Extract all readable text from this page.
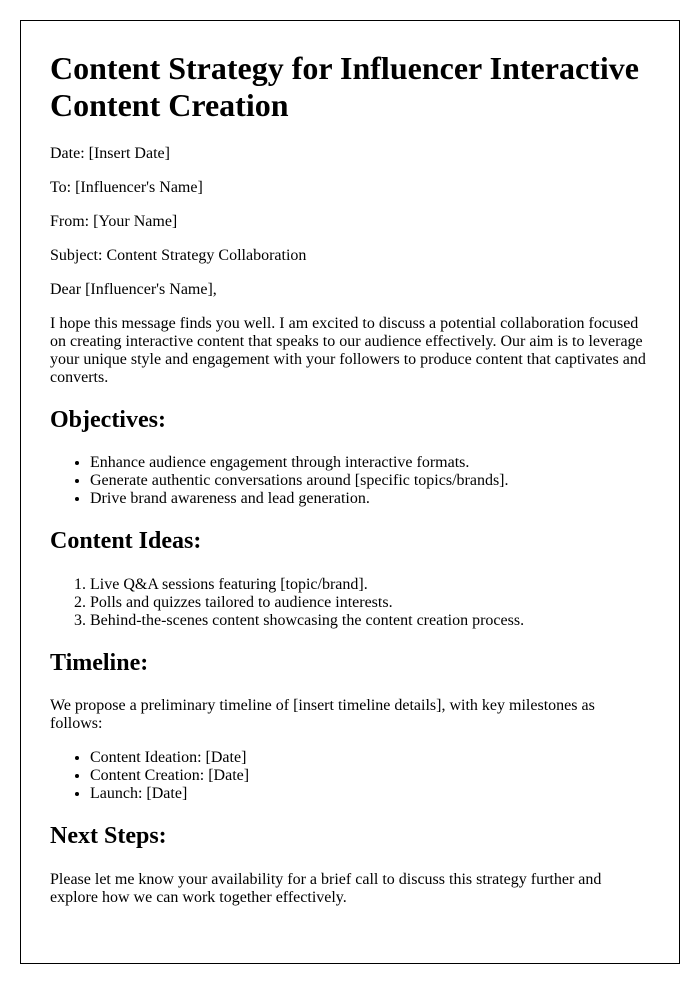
Content Strategy for Influencer Interactive Content Creation

Date: [Insert Date]

To: [Influencer's Name]

From: [Your Name]

Subject: Content Strategy Collaboration

Dear [Influencer's Name],

I hope this message finds you well. I am excited to discuss a potential collaboration focused on creating interactive content that speaks to our audience effectively. Our aim is to leverage your unique style and engagement with your followers to produce content that captivates and converts.

Objectives:
• Enhance audience engagement through interactive formats.
• Generate authentic conversations around [specific topics/brands].
• Drive brand awareness and lead generation.
Content Ideas:
1. Live Q&A sessions featuring [topic/brand].
2. Polls and quizzes tailored to audience interests.
3. Behind-the-scenes content showcasing the content creation process.
Timeline:

We propose a preliminary timeline of [insert timeline details], with key milestones as follows:

• Content Ideation: [Date]
• Content Creation: [Date]
• Launch: [Date]
Next Steps:

Please let me know your availability for a brief call to discuss this strategy further and explore how we can work together effectively.
